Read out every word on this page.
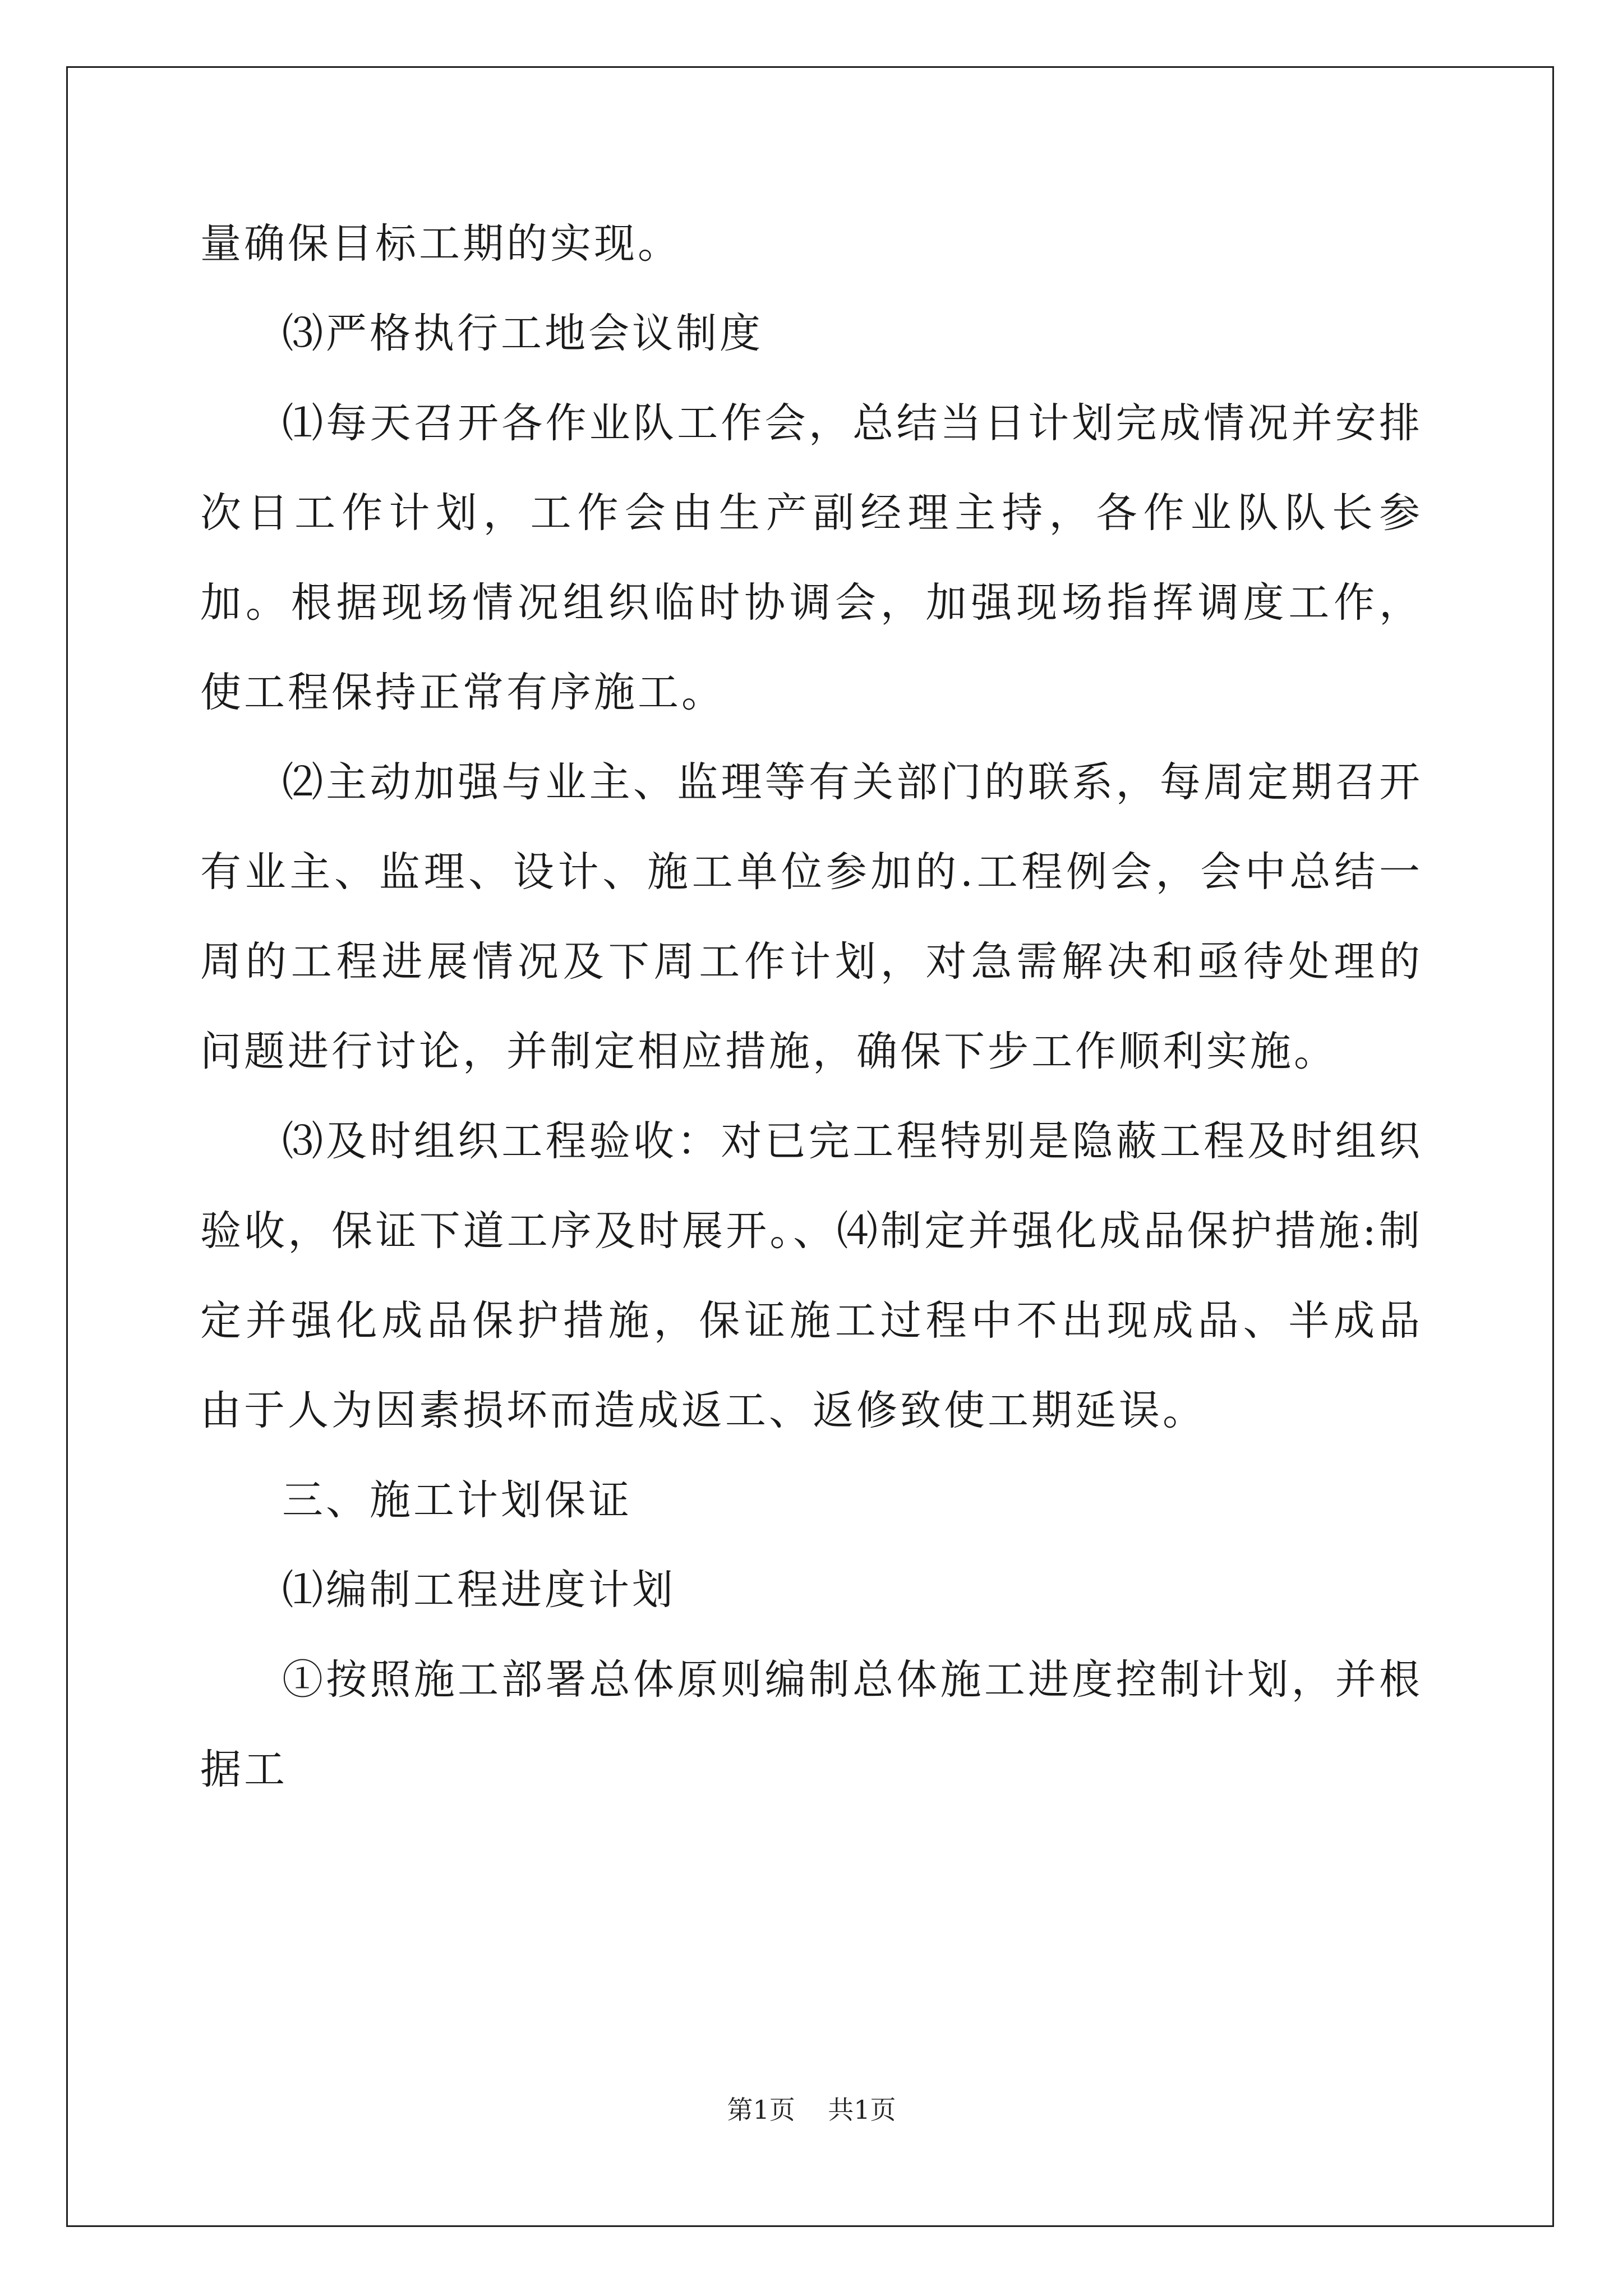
量确保目标工期的实现。

⑶严格执行工地会议制度

⑴每天召开各作业队工作会，总结当日计划完成情况并安排次日工作计划，工作会由生产副经理主持，各作业队队长参加。根据现场情况组织临时协调会，加强现场指挥调度工作，使工程保持正常有序施工。

⑵主动加强与业主、监理等有关部门的联系，每周定期召开有业主、监理、设计、施工单位参加的.工程例会，会中总结一周的工程进展情况及下周工作计划，对急需解决和亟待处理的问题进行讨论，并制定相应措施，确保下步工作顺利实施。

⑶及时组织工程验收：对已完工程特别是隐蔽工程及时组织验收，保证下道工序及时展开。、⑷制定并强化成品保护措施:制定并强化成品保护措施，保证施工过程中不出现成品、半成品由于人为因素损坏而造成返工、返修致使工期延误。

三、施工计划保证

⑴编制工程进度计划

①按照施工部署总体原则编制总体施工进度控制计划，并根据工

第1页    共1页
